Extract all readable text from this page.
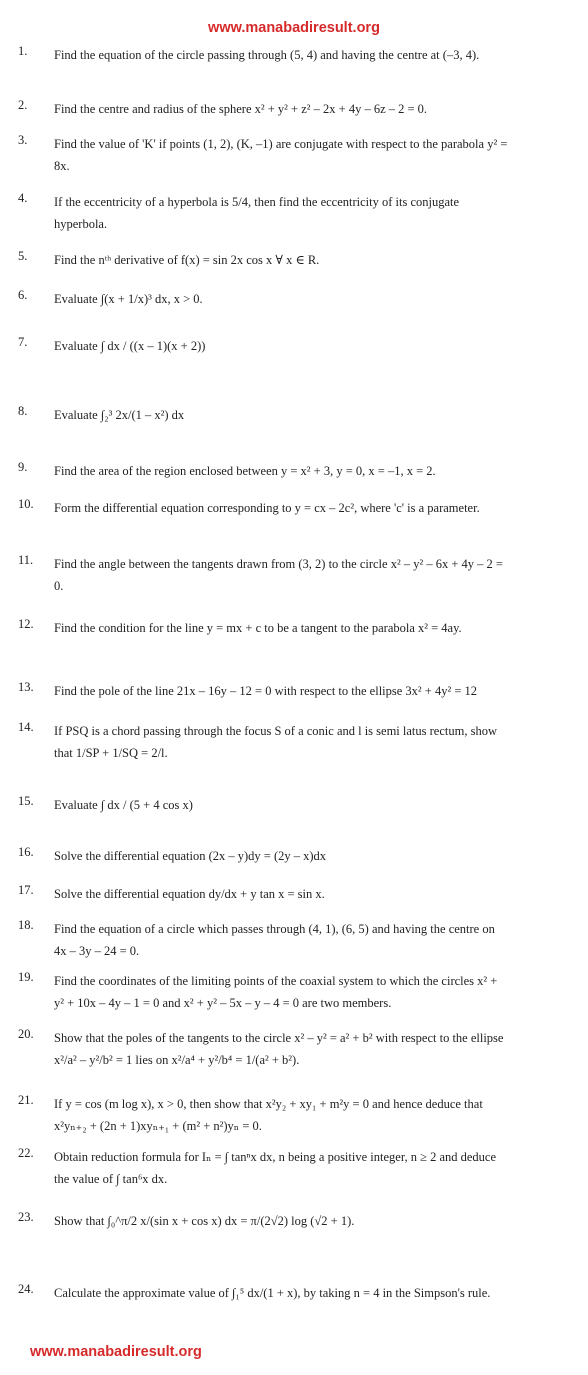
www.manabadiresult.org
1.	Find the equation of the circle passing through (5, 4) and having the centre at (–3, 4).
2.	Find the centre and radius of the sphere x² + y² + z² – 2x + 4y – 6z – 2 = 0.
3.	Find the value of 'K' if points (1, 2), (K, –1) are conjugate with respect to the parabola y² = 8x.
4.	If the eccentricity of a hyperbola is 5/4, then find the eccentricity of its conjugate hyperbola.
5.	Find the nᵗʰ derivative of f(x) = sin 2x cos x ∀ x ∈ R.
6.	Evaluate ∫(x + 1/x)³ dx, x > 0.
7.	Evaluate ∫ dx / ((x – 1)(x + 2))
8.	Evaluate ∫₂³ 2x/(1 – x²) dx
9.	Find the area of the region enclosed between y = x² + 3, y = 0, x = –1, x = 2.
10.	Form the differential equation corresponding to y = cx – 2c², where 'c' is a parameter.
11.	Find the angle between the tangents drawn from (3, 2) to the circle x² – y² – 6x + 4y – 2 = 0.
12.	Find the condition for the line y = mx + c to be a tangent to the parabola x² = 4ay.
13.	Find the pole of the line 21x – 16y – 12 = 0 with respect to the ellipse 3x² + 4y² = 12
14.	If PSQ is a chord passing through the focus S of a conic and l is semi latus rectum, show that 1/SP + 1/SQ = 2/l.
15.	Evaluate ∫ dx / (5 + 4 cos x)
16.	Solve the differential equation (2x – y)dy = (2y – x)dx
17.	Solve the differential equation dy/dx + y tan x = sin x.
18.	Find the equation of a circle which passes through (4, 1), (6, 5) and having the centre on 4x – 3y – 24 = 0.
19.	Find the coordinates of the limiting points of the coaxial system to which the circles x² + y² + 10x – 4y – 1 = 0 and x² + y² – 5x – y – 4 = 0 are two members.
20.	Show that the poles of the tangents to the circle x² – y² = a² + b² with respect to the ellipse x²/a² – y²/b² = 1 lies on x²/a⁴ + y²/b⁴ = 1/(a² + b²).
21.	If y = cos (m log x), x > 0, then show that x²y₂ + xy₁ + m²y = 0 and hence deduce that x²yₙ₊₂ + (2n + 1)xyₙ₊₁ + (m² + n²)yₙ = 0.
22.	Obtain reduction formula for Iₙ = ∫ tanⁿx dx, n being a positive integer, n ≥ 2 and deduce the value of ∫ tan⁶x dx.
23.	Show that ∫₀^π/2 x/(sin x + cos x) dx = π/(2√2) log (√2 + 1).
24.	Calculate the approximate value of ∫₁⁵ dx/(1 + x), by taking n = 4 in the Simpson's rule.
www.manabadiresult.org
